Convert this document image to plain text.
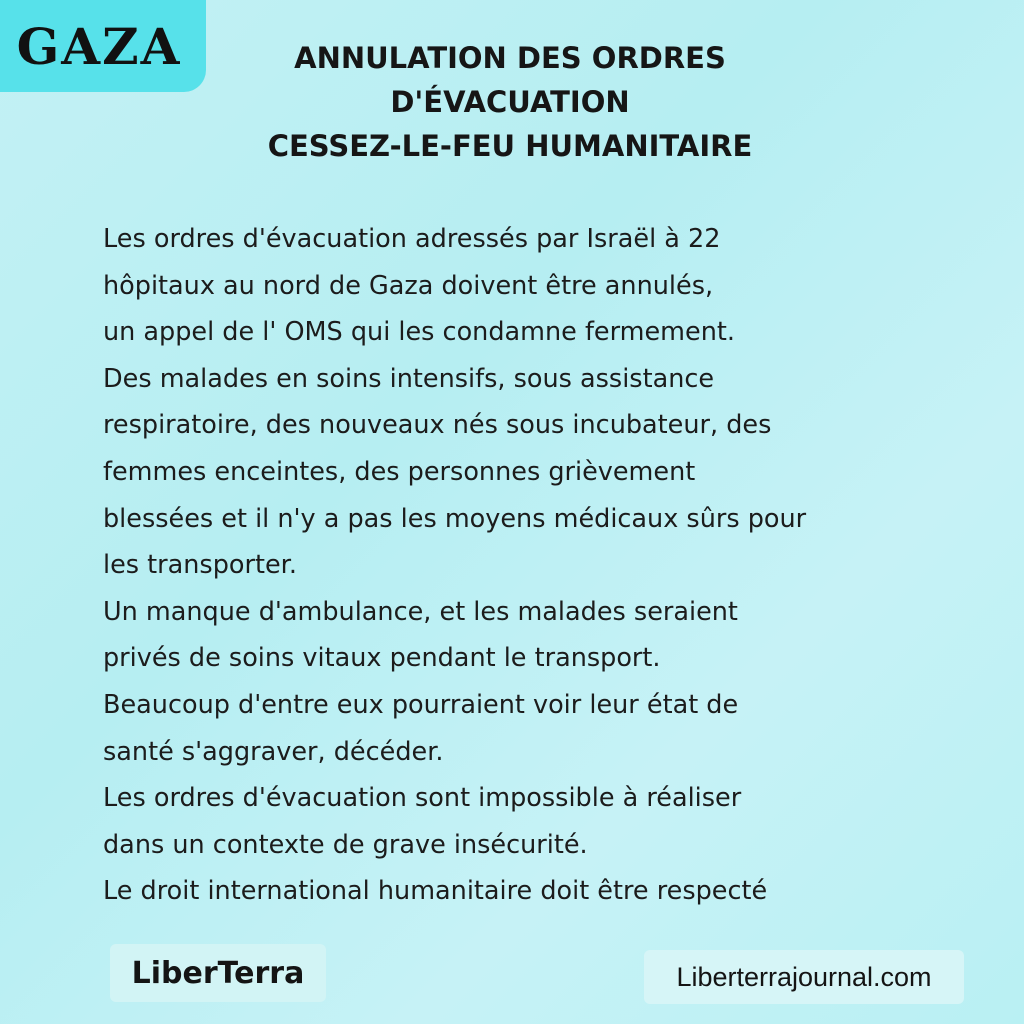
GAZA	ANNULATION DES ORDRES
D'ÉVACUATION
CESSEZ-LE-FEU HUMANITAIRE
Les ordres d'évacuation adressés par Israël à 22
hôpitaux au nord de Gaza doivent être annulés,
un appel de l' OMS qui les condamne fermement.
Des malades en soins intensifs, sous assistance
respiratoire, des nouveaux nés sous incubateur, des
femmes enceintes, des personnes grièvement
blessées et il n'y a pas les moyens médicaux sûrs pour
les transporter.
Un manque d'ambulance, et les malades seraient
privés de soins vitaux pendant le transport.
Beaucoup d'entre eux pourraient voir leur état de
santé s'aggraver, décéder.
Les ordres d'évacuation sont impossible à réaliser
dans un contexte de grave insécurité.
Le droit international humanitaire doit être respecté
LiberTerra	Liberterrajournal.com
